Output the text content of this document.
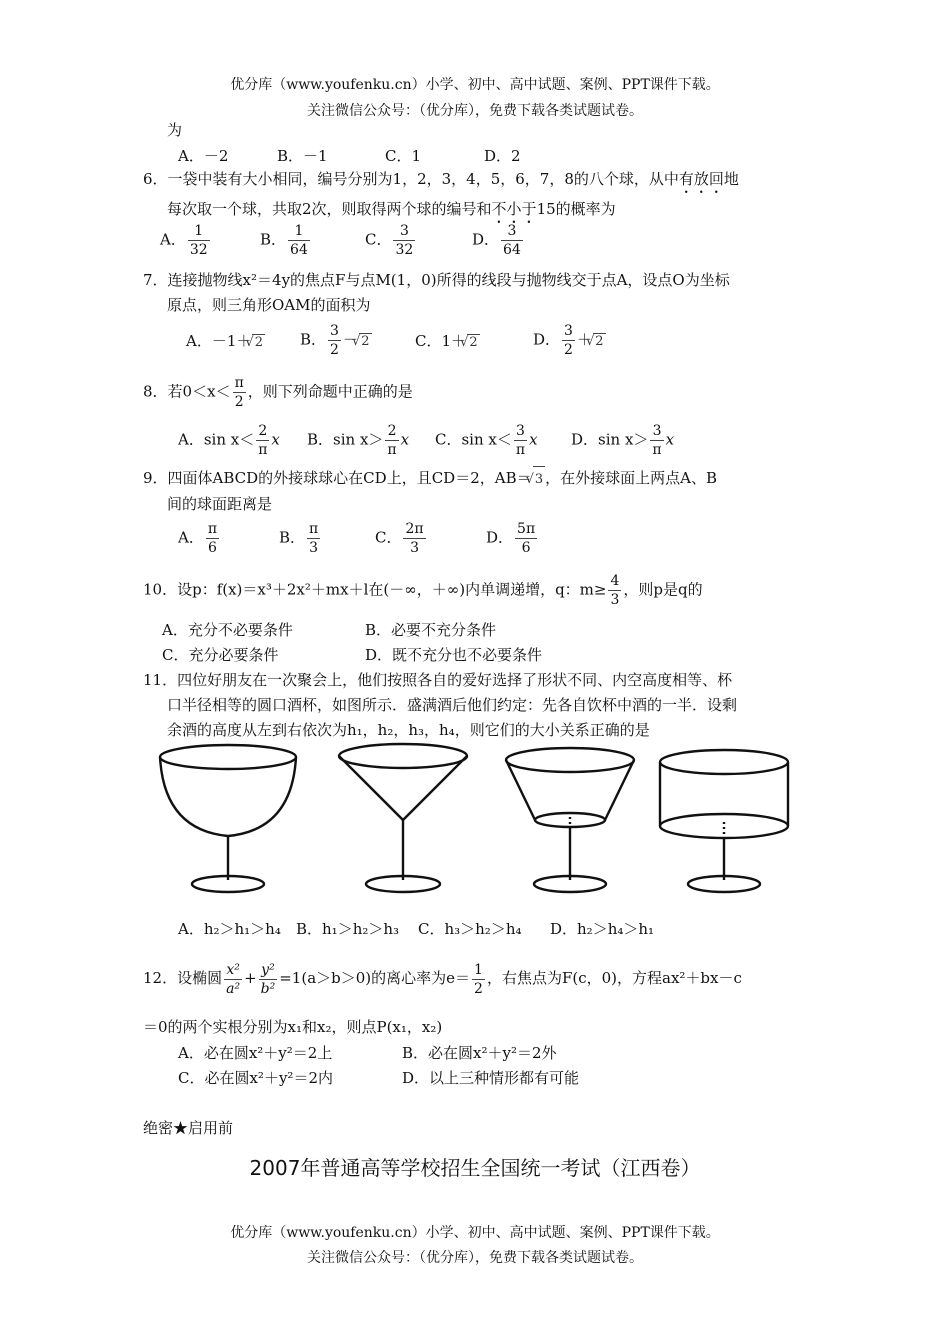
优分库（www.youfenku.cn）小学、初中、高中试题、案例、PPT课件下载。
关注微信公众号：（优分库），免费下载各类试题试卷。
为
A．－2	B．－1	C．1	D．2
6．一袋中装有大小相同，编号分别为1，2，3，4，5，6，7，8的八个球，从中有放回地
每次取一个球，共取2次，则取得两个球的编号和不小于15的概率为
A． $\frac{1}{32}$	B． $\frac{1}{64}$	C． $\frac{3}{32}$	D． $\frac{3}{64}$
7．连接抛物线x²＝4y的焦点F与点M(1，0)所得的线段与抛物线交于点A，设点O为坐标
原点，则三角形OAM的面积为
A．－1＋ √ 2 B． $\frac{3}{2}$ － √ 2	C．1＋ √ 2	D． $\frac{3}{2}$ ＋ √ 2
8．若$0<x< \frac{\pi}{2}$ ，则下列命题中正确的是
A．$\sin x< \frac{2}{\pi}$ x B．$\sin x> \frac{2}{\pi}$ x C．$\sin x< \frac{3}{\pi}$ x D．$\sin x> \frac{3}{\pi}$ x
9．四面体ABCD的外接球球心在CD上，且CD＝2，AB＝ √ 3 ，在外接球面上两点A、B
间的球面距离是
A． $\frac{\pi}{6}$	B． $\frac{\pi}{3}$	C． $\frac{2\pi}{3}$	D． $\frac{5\pi}{6}$
10．设p：f(x)＝x³＋2x²＋mx＋l在(－∞，＋∞)内单调递增，q：$m\ge \frac{4}{3}$ ，则p是q的
A．充分不必要条件	B．必要不充分条件
C．充分必要条件	D．既不充分也不必要条件
11．四位好朋友在一次聚会上，他们按照各自的爱好选择了形状不同、内空高度相等、杯
口半径相等的圆口酒杯，如图所示．盛满酒后他们约定：先各自饮杯中酒的一半．设剩
余酒的高度从左到右依次为h₁，h₂，h₃，h₄，则它们的大小关系正确的是
A．h₂＞h₁＞h₄ B．h₁＞h₂＞h₃ C．h₃＞h₂＞h₄ D．h₂＞h₄＞h₁
12．设椭圆 $\frac{\text{x²}}{\text{a²}} + \frac{\text{y²}}{\text{b²}} =1(a>b>0)$的离心率为$e= \frac{1}{2}$ ，右焦点为F(c，0)，方程ax²＋bx－c
＝0的两个实根分别为x₁和x₂，则点P(x₁，x₂)
A．必在圆x²＋y²＝2上	B．必在圆x²＋y²＝2外
C．必在圆x²＋y²＝2内	D．以上三种情形都有可能
绝密★启用前
2007年普通高等学校招生全国统一考试（江西卷）
优分库（www.youfenku.cn）小学、初中、高中试题、案例、PPT课件下载。
关注微信公众号：（优分库），免费下载各类试题试卷。
